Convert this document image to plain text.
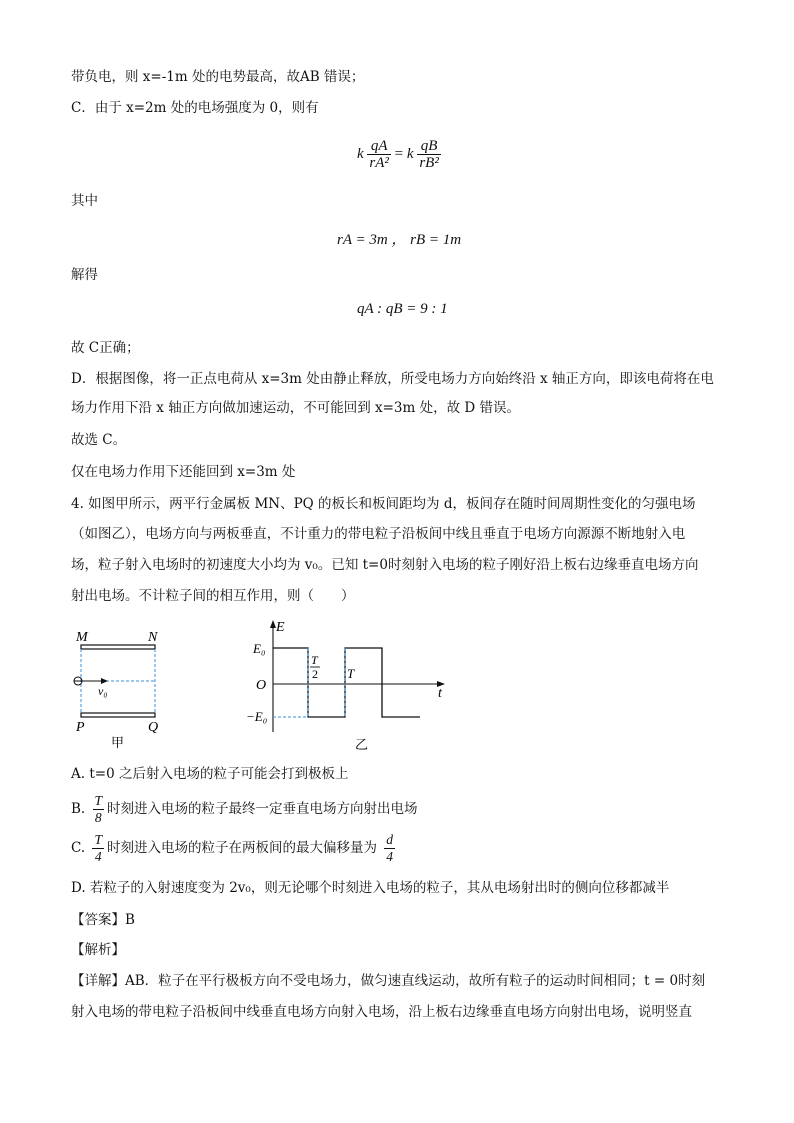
带负电，则 x=-1m 处的电势最高，故AB 错误；
C．由于 x=2m 处的电场强度为 0，则有
k $\frac{qA}{\text{rA²}} = k \frac{qB}{\text{rB²}}$
其中
rA = 3m ， rB = 1m
解得
qA : qB = 9 : 1
故 C正确；
D．根据图像，将一正点电荷从 x=3m 处由静止释放，所受电场力方向始终沿 x 轴正方向，即该电荷将在电
场力作用下沿 x 轴正方向做加速运动，不可能回到 x=3m 处，故 D 错误。
故选 C。
仅在电场力作用下还能回到 x=3m 处
4. 如图甲所示，两平行金属板 MN、PQ 的板长和板间距均为 d，板间存在随时间周期性变化的匀强电场
（如图乙），电场方向与两板垂直，不计重力的带电粒子沿板间中线且垂直于电场方向源源不断地射入电
场，粒子射入电场时的初速度大小均为 v₀。已知 t=0时刻射入电场的粒子刚好沿上板右边缘垂直电场方向
射出电场。不计粒子间的相互作用，则（　　）
M	N
v₀
P	Q
甲
E
t
O
E₀
−E₀
T
2 T
乙
A. t=0 之后射入电场的粒子可能会打到极板上
B. $\frac{T}{8}$ 时刻进入电场的粒子最终一定垂直电场方向射出电场
C. $\frac{T}{4}$ 时刻进入电场的粒子在两板间的最大偏移量为 $\frac{d}{4}$
D. 若粒子的入射速度变为 2v₀，则无论哪个时刻进入电场的粒子，其从电场射出时的侧向位移都减半
【答案】B
【解析】
【详解】AB．粒子在平行极板方向不受电场力，做匀速直线运动，故所有粒子的运动时间相同；t = 0时刻
射入电场的带电粒子沿板间中线垂直电场方向射入电场，沿上板右边缘垂直电场方向射出电场，说明竖直
